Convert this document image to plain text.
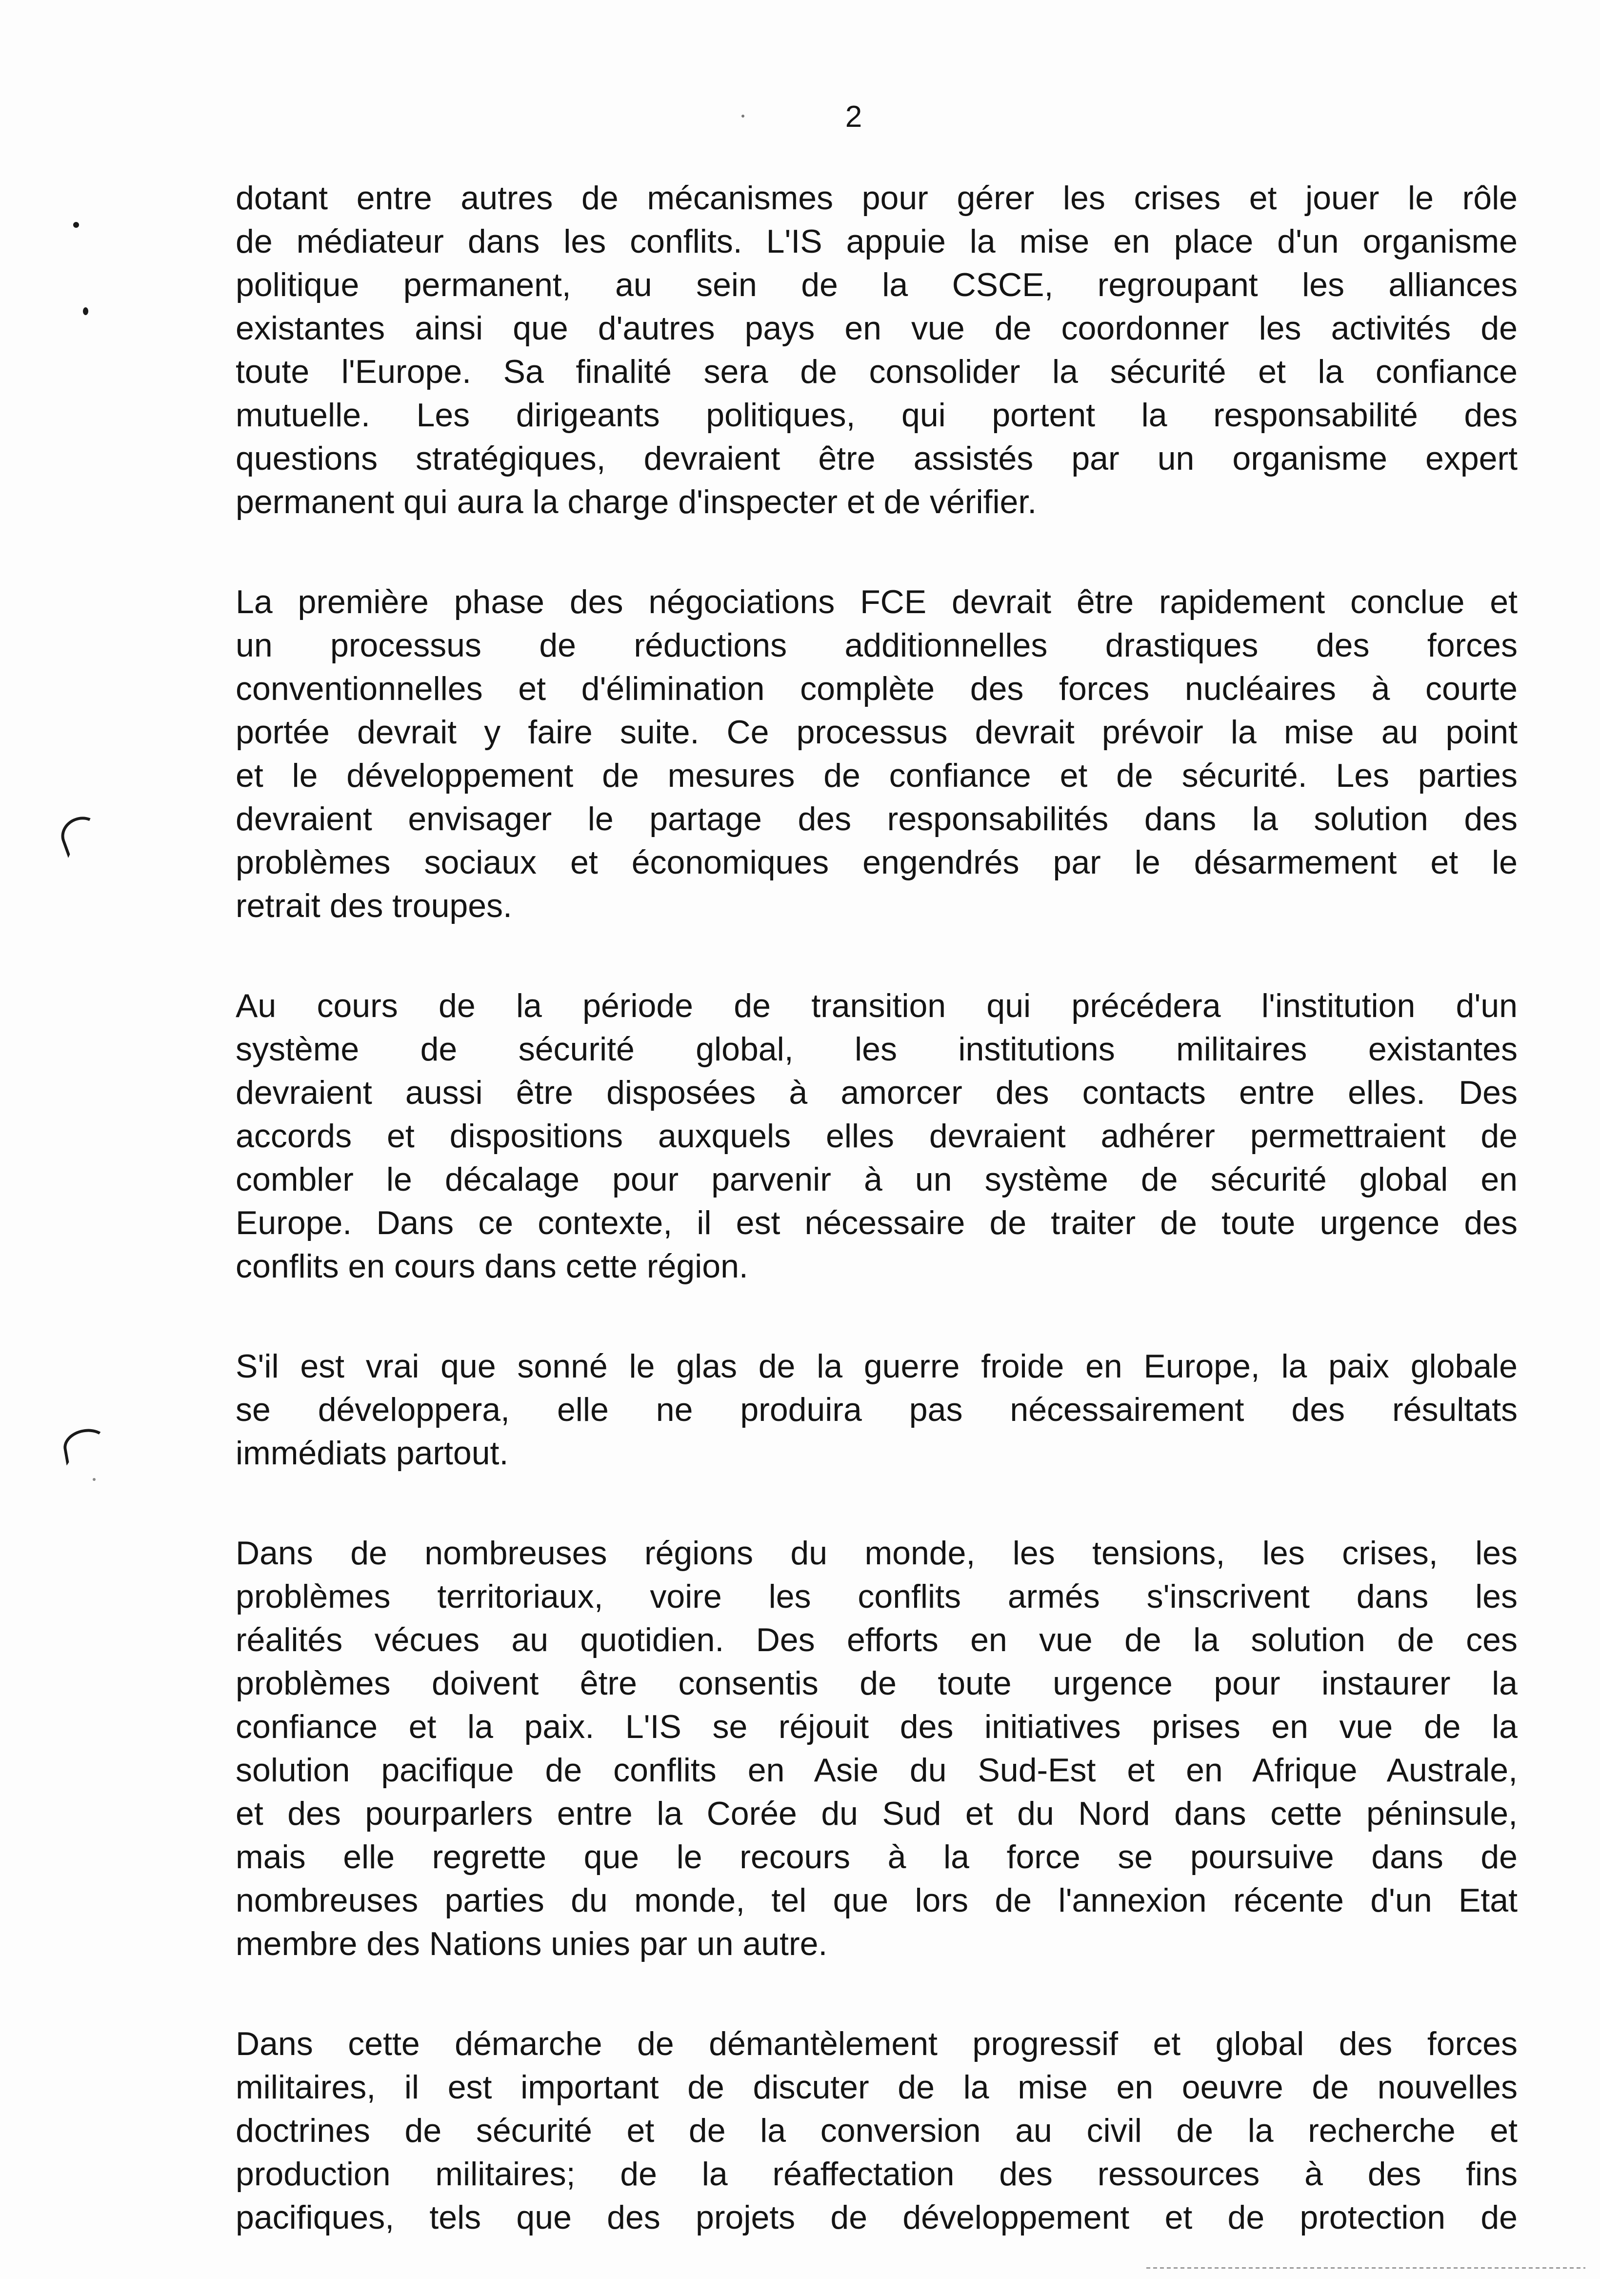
2

dotant entre autres de mécanismes pour gérer les crises et jouer le rôle
de médiateur dans les conflits. L'IS appuie la mise en place d'un organisme
politique permanent, au sein de la CSCE, regroupant les alliances
existantes ainsi que d'autres pays en vue de coordonner les activités de
toute l'Europe. Sa finalité sera de consolider la sécurité et la confiance
mutuelle. Les dirigeants politiques, qui portent la responsabilité des
questions stratégiques, devraient être assistés par un organisme expert
permanent qui aura la charge d'inspecter et de vérifier.

La première phase des négociations FCE devrait être rapidement conclue et
un processus de réductions additionnelles drastiques des forces
conventionnelles et d'élimination complète des forces nucléaires à courte
portée devrait y faire suite. Ce processus devrait prévoir la mise au point
et le développement de mesures de confiance et de sécurité. Les parties
devraient envisager le partage des responsabilités dans la solution des
problèmes sociaux et économiques engendrés par le désarmement et le
retrait des troupes.

Au cours de la période de transition qui précédera l'institution d'un
système de sécurité global, les institutions militaires existantes
devraient aussi être disposées à amorcer des contacts entre elles. Des
accords et dispositions auxquels elles devraient adhérer permettraient de
combler le décalage pour parvenir à un système de sécurité global en
Europe. Dans ce contexte, il est nécessaire de traiter de toute urgence des
conflits en cours dans cette région.

S'il est vrai que sonné le glas de la guerre froide en Europe, la paix globale
se développera, elle ne produira pas nécessairement des résultats
immédiats partout.

Dans de nombreuses régions du monde, les tensions, les crises, les
problèmes territoriaux, voire les conflits armés s'inscrivent dans les
réalités vécues au quotidien. Des efforts en vue de la solution de ces
problèmes doivent être consentis de toute urgence pour instaurer la
confiance et la paix. L'IS se réjouit des initiatives prises en vue de la
solution pacifique de conflits en Asie du Sud-Est et en Afrique Australe,
et des pourparlers entre la Corée du Sud et du Nord dans cette péninsule,
mais elle regrette que le recours à la force se poursuive dans de
nombreuses parties du monde, tel que lors de l'annexion récente d'un Etat
membre des Nations unies par un autre.

Dans cette démarche de démantèlement progressif et global des forces
militaires, il est important de discuter de la mise en oeuvre de nouvelles
doctrines de sécurité et de la conversion au civil de la recherche et
production militaires; de la réaffectation des ressources à des fins
pacifiques, tels que des projets de développement et de protection de
